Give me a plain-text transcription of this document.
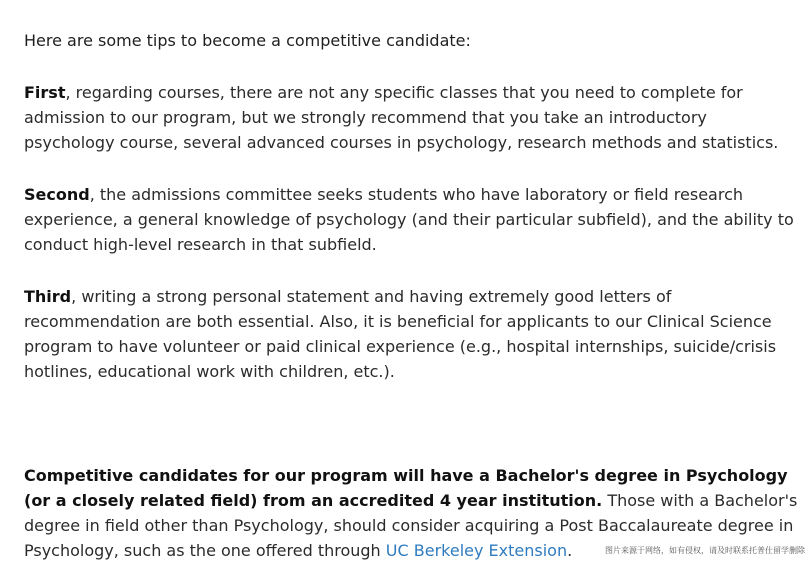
Here are some tips to become a competitive candidate:

First, regarding courses, there are not any specific classes that you need to complete for admission to our program, but we strongly recommend that you take an introductory psychology course, several advanced courses in psychology, research methods and statistics.

Second, the admissions committee seeks students who have laboratory or field research experience, a general knowledge of psychology (and their particular subfield), and the ability to conduct high-level research in that subfield.

Third, writing a strong personal statement and having extremely good letters of recommendation are both essential. Also, it is beneficial for applicants to our Clinical Science program to have volunteer or paid clinical experience (e.g., hospital internships, suicide/crisis hotlines, educational work with children, etc.).

Competitive candidates for our program will have a Bachelor's degree in Psychology (or a closely related field) from an accredited 4 year institution. Those with a Bachelor's degree in field other than Psychology, should consider acquiring a Post Baccalaureate degree in Psychology, such as the one offered through UC Berkeley Extension.	图片来源于网络，如有侵权，请及时联系托普仕留学删除
